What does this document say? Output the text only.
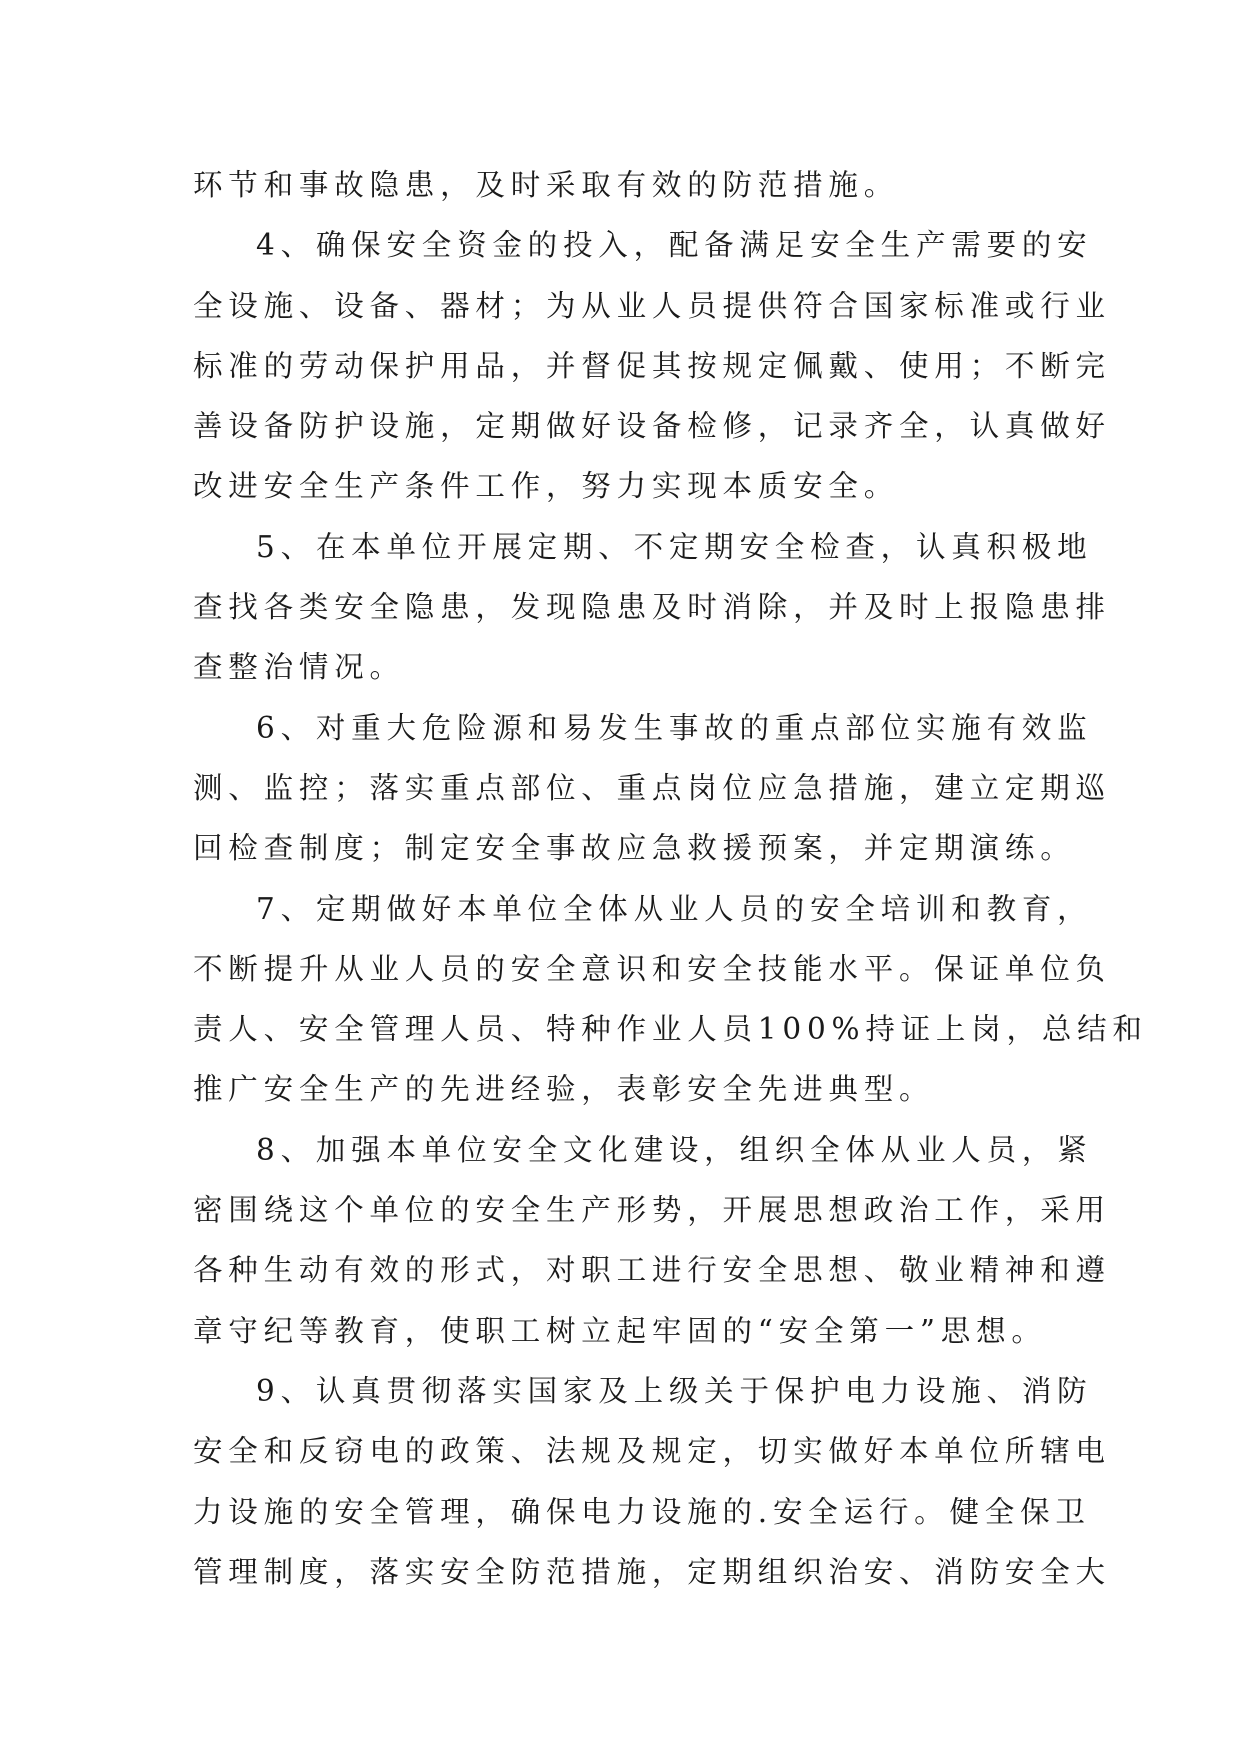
环节和事故隐患，及时采取有效的防范措施。
4、确保安全资金的投入，配备满足安全生产需要的安
全设施、设备、器材；为从业人员提供符合国家标准或行业
标准的劳动保护用品，并督促其按规定佩戴、使用；不断完
善设备防护设施，定期做好设备检修，记录齐全，认真做好
改进安全生产条件工作，努力实现本质安全。
5、在本单位开展定期、不定期安全检查，认真积极地
查找各类安全隐患，发现隐患及时消除，并及时上报隐患排
查整治情况。
6、对重大危险源和易发生事故的重点部位实施有效监
测、监控；落实重点部位、重点岗位应急措施，建立定期巡
回检查制度；制定安全事故应急救援预案，并定期演练。
7、定期做好本单位全体从业人员的安全培训和教育，
不断提升从业人员的安全意识和安全技能水平。保证单位负
责人、安全管理人员、特种作业人员100%持证上岗，总结和
推广安全生产的先进经验，表彰安全先进典型。
8、加强本单位安全文化建设，组织全体从业人员，紧
密围绕这个单位的安全生产形势，开展思想政治工作，采用
各种生动有效的形式，对职工进行安全思想、敬业精神和遵
章守纪等教育，使职工树立起牢固的“安全第一”思想。
9、认真贯彻落实国家及上级关于保护电力设施、消防
安全和反窃电的政策、法规及规定，切实做好本单位所辖电
力设施的安全管理，确保电力设施的.安全运行。健全保卫
管理制度，落实安全防范措施，定期组织治安、消防安全大
